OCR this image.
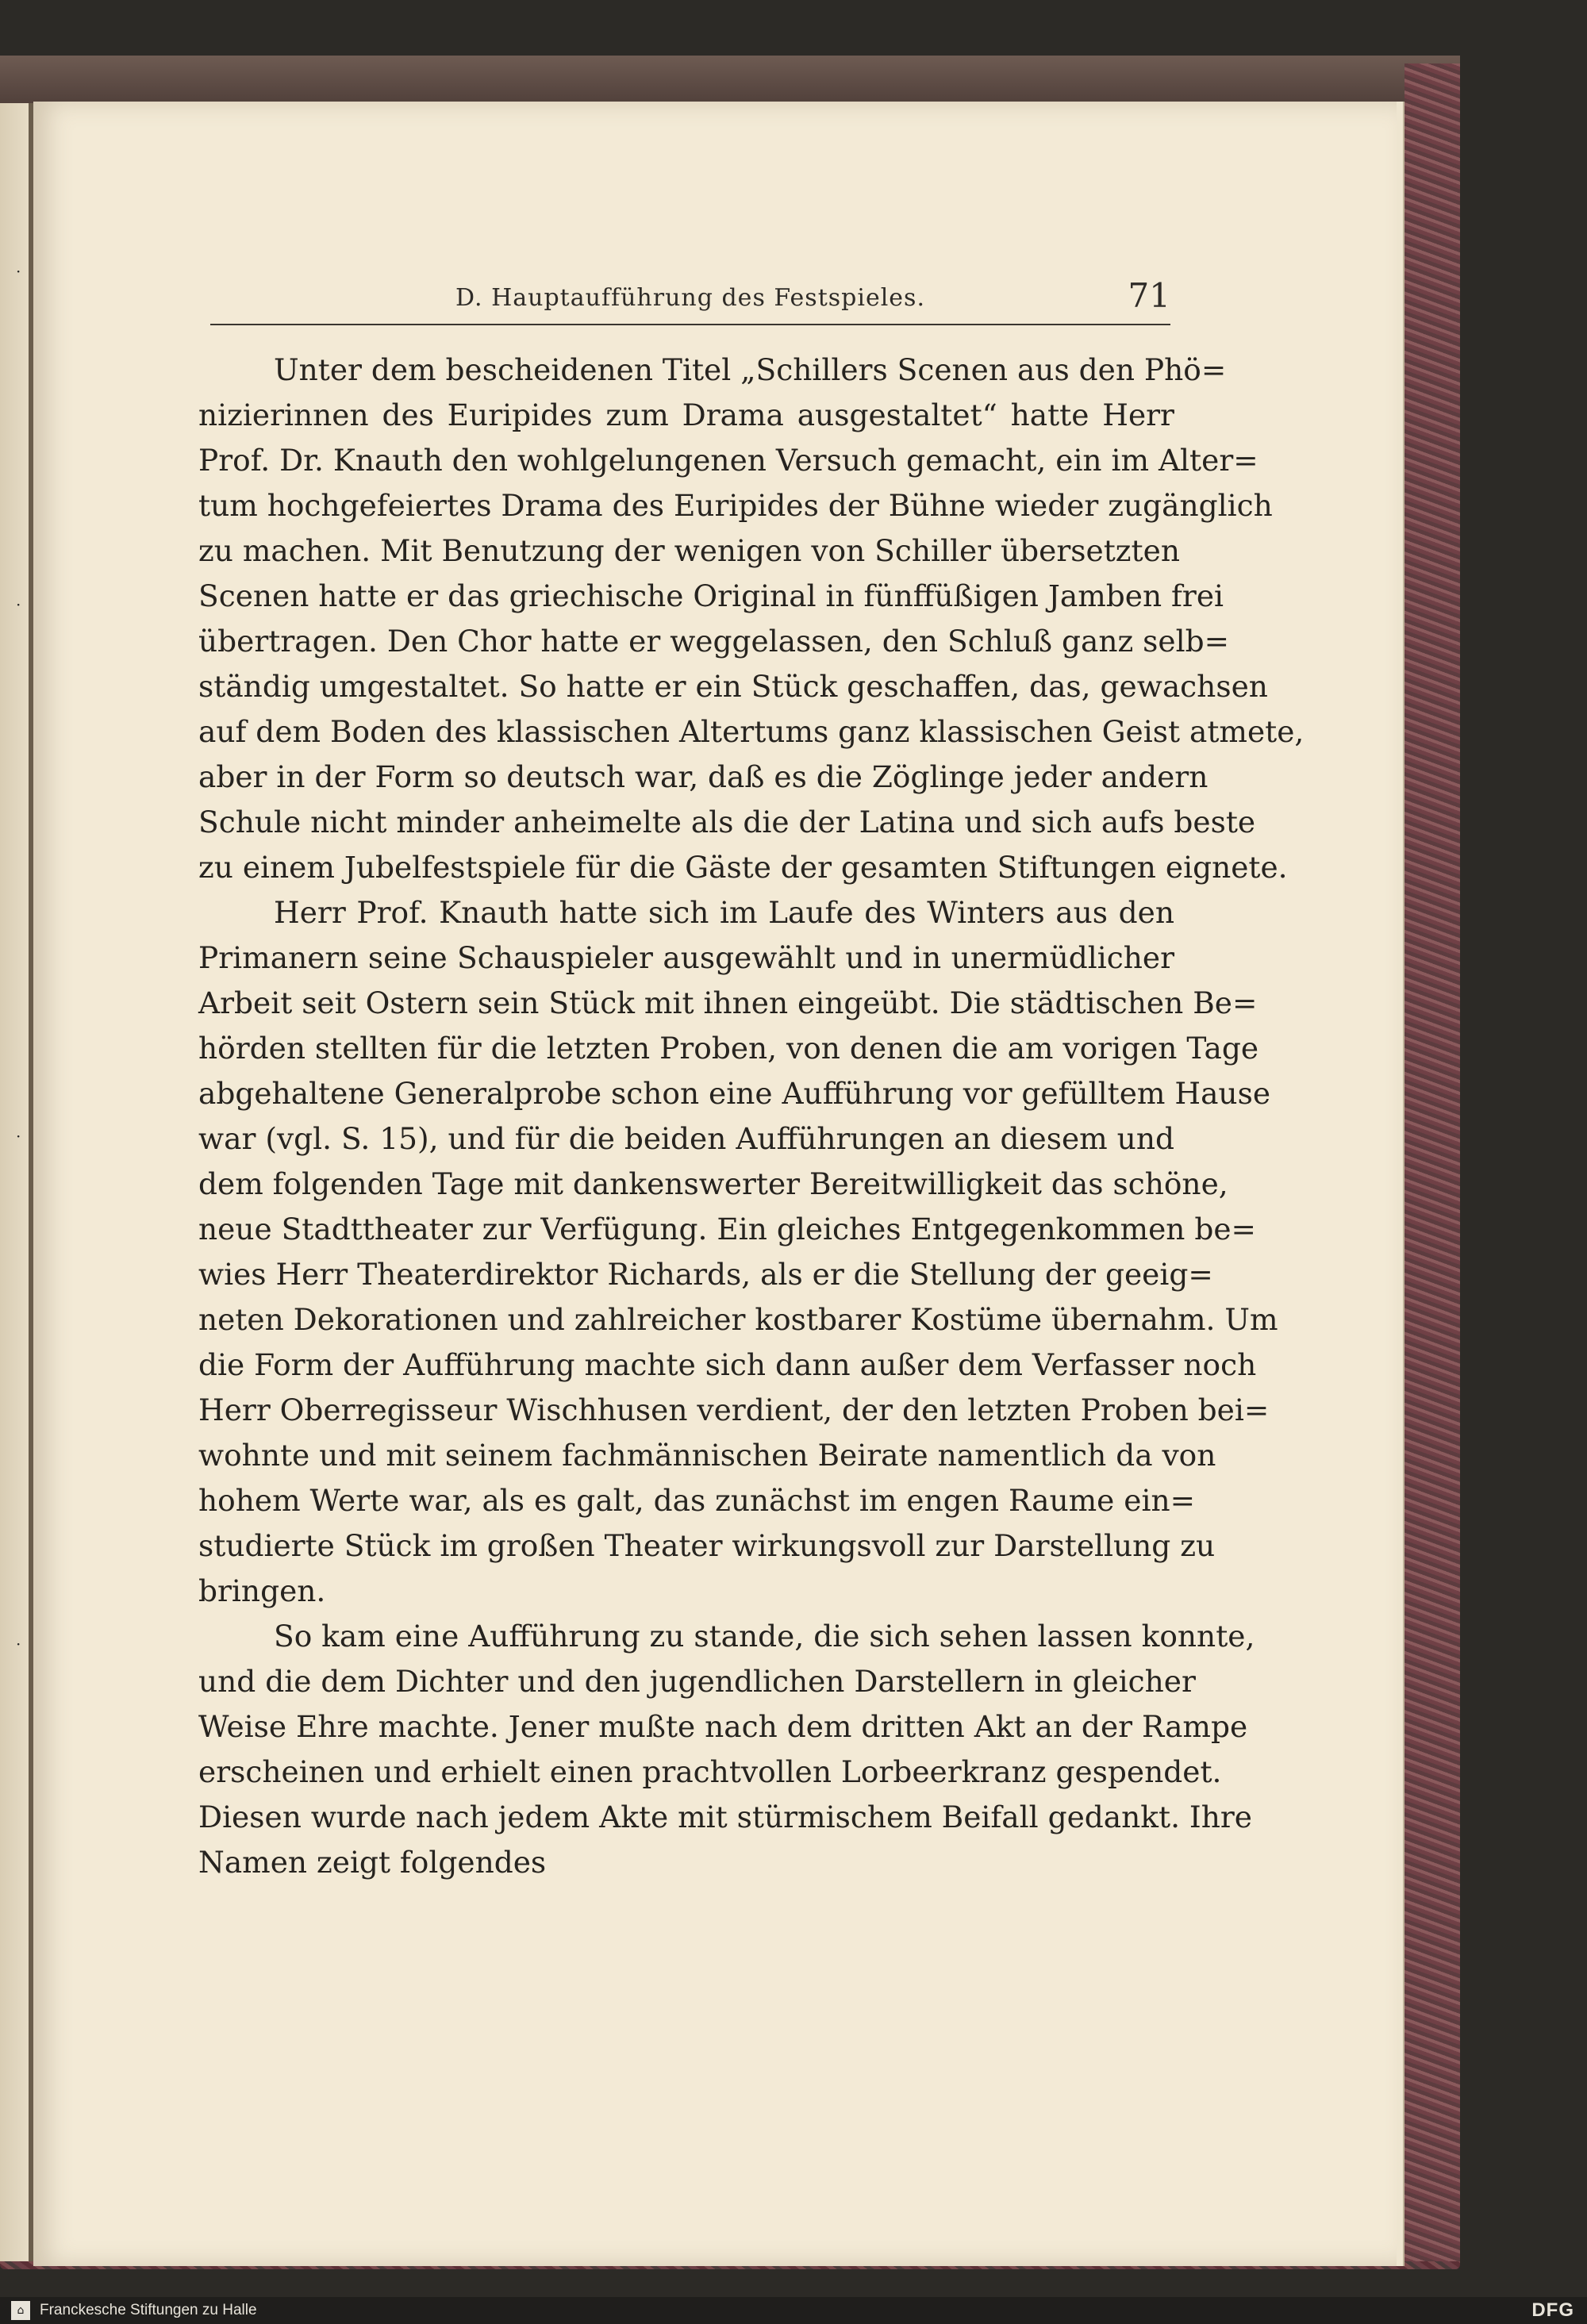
·
·
·
·
D. Hauptaufführung des Festspieles.	71
Unter dem bescheidenen Titel „Schillers Scenen aus den Phö=
nizierinnen des Euripides zum Drama ausgestaltet“ hatte Herr
Prof. Dr. Knauth den wohlgelungenen Versuch gemacht, ein im Alter=
tum hochgefeiertes Drama des Euripides der Bühne wieder zugänglich
zu machen. Mit Benutzung der wenigen von Schiller übersetzten
Scenen hatte er das griechische Original in fünffüßigen Jamben frei
übertragen. Den Chor hatte er weggelassen, den Schluß ganz selb=
ständig umgestaltet. So hatte er ein Stück geschaffen, das, gewachsen
auf dem Boden des klassischen Altertums ganz klassischen Geist atmete,
aber in der Form so deutsch war, daß es die Zöglinge jeder andern
Schule nicht minder anheimelte als die der Latina und sich aufs beste
zu einem Jubelfestspiele für die Gäste der gesamten Stiftungen eignete.
Herr Prof. Knauth hatte sich im Laufe des Winters aus den
Primanern seine Schauspieler ausgewählt und in unermüdlicher
Arbeit seit Ostern sein Stück mit ihnen eingeübt. Die städtischen Be=
hörden stellten für die letzten Proben, von denen die am vorigen Tage
abgehaltene Generalprobe schon eine Aufführung vor gefülltem Hause
war (vgl. S. 15), und für die beiden Aufführungen an diesem und
dem folgenden Tage mit dankenswerter Bereitwilligkeit das schöne,
neue Stadttheater zur Verfügung. Ein gleiches Entgegenkommen be=
wies Herr Theaterdirektor Richards, als er die Stellung der geeig=
neten Dekorationen und zahlreicher kostbarer Kostüme übernahm. Um
die Form der Aufführung machte sich dann außer dem Verfasser noch
Herr Oberregisseur Wischhusen verdient, der den letzten Proben bei=
wohnte und mit seinem fachmännischen Beirate namentlich da von
hohem Werte war, als es galt, das zunächst im engen Raume ein=
studierte Stück im großen Theater wirkungsvoll zur Darstellung zu
bringen.
So kam eine Aufführung zu stande, die sich sehen lassen konnte,
und die dem Dichter und den jugendlichen Darstellern in gleicher
Weise Ehre machte. Jener mußte nach dem dritten Akt an der Rampe
erscheinen und erhielt einen prachtvollen Lorbeerkranz gespendet.
Diesen wurde nach jedem Akte mit stürmischem Beifall gedankt. Ihre
Namen zeigt folgendes
⌂	Franckesche Stiftungen zu Halle	DFG
